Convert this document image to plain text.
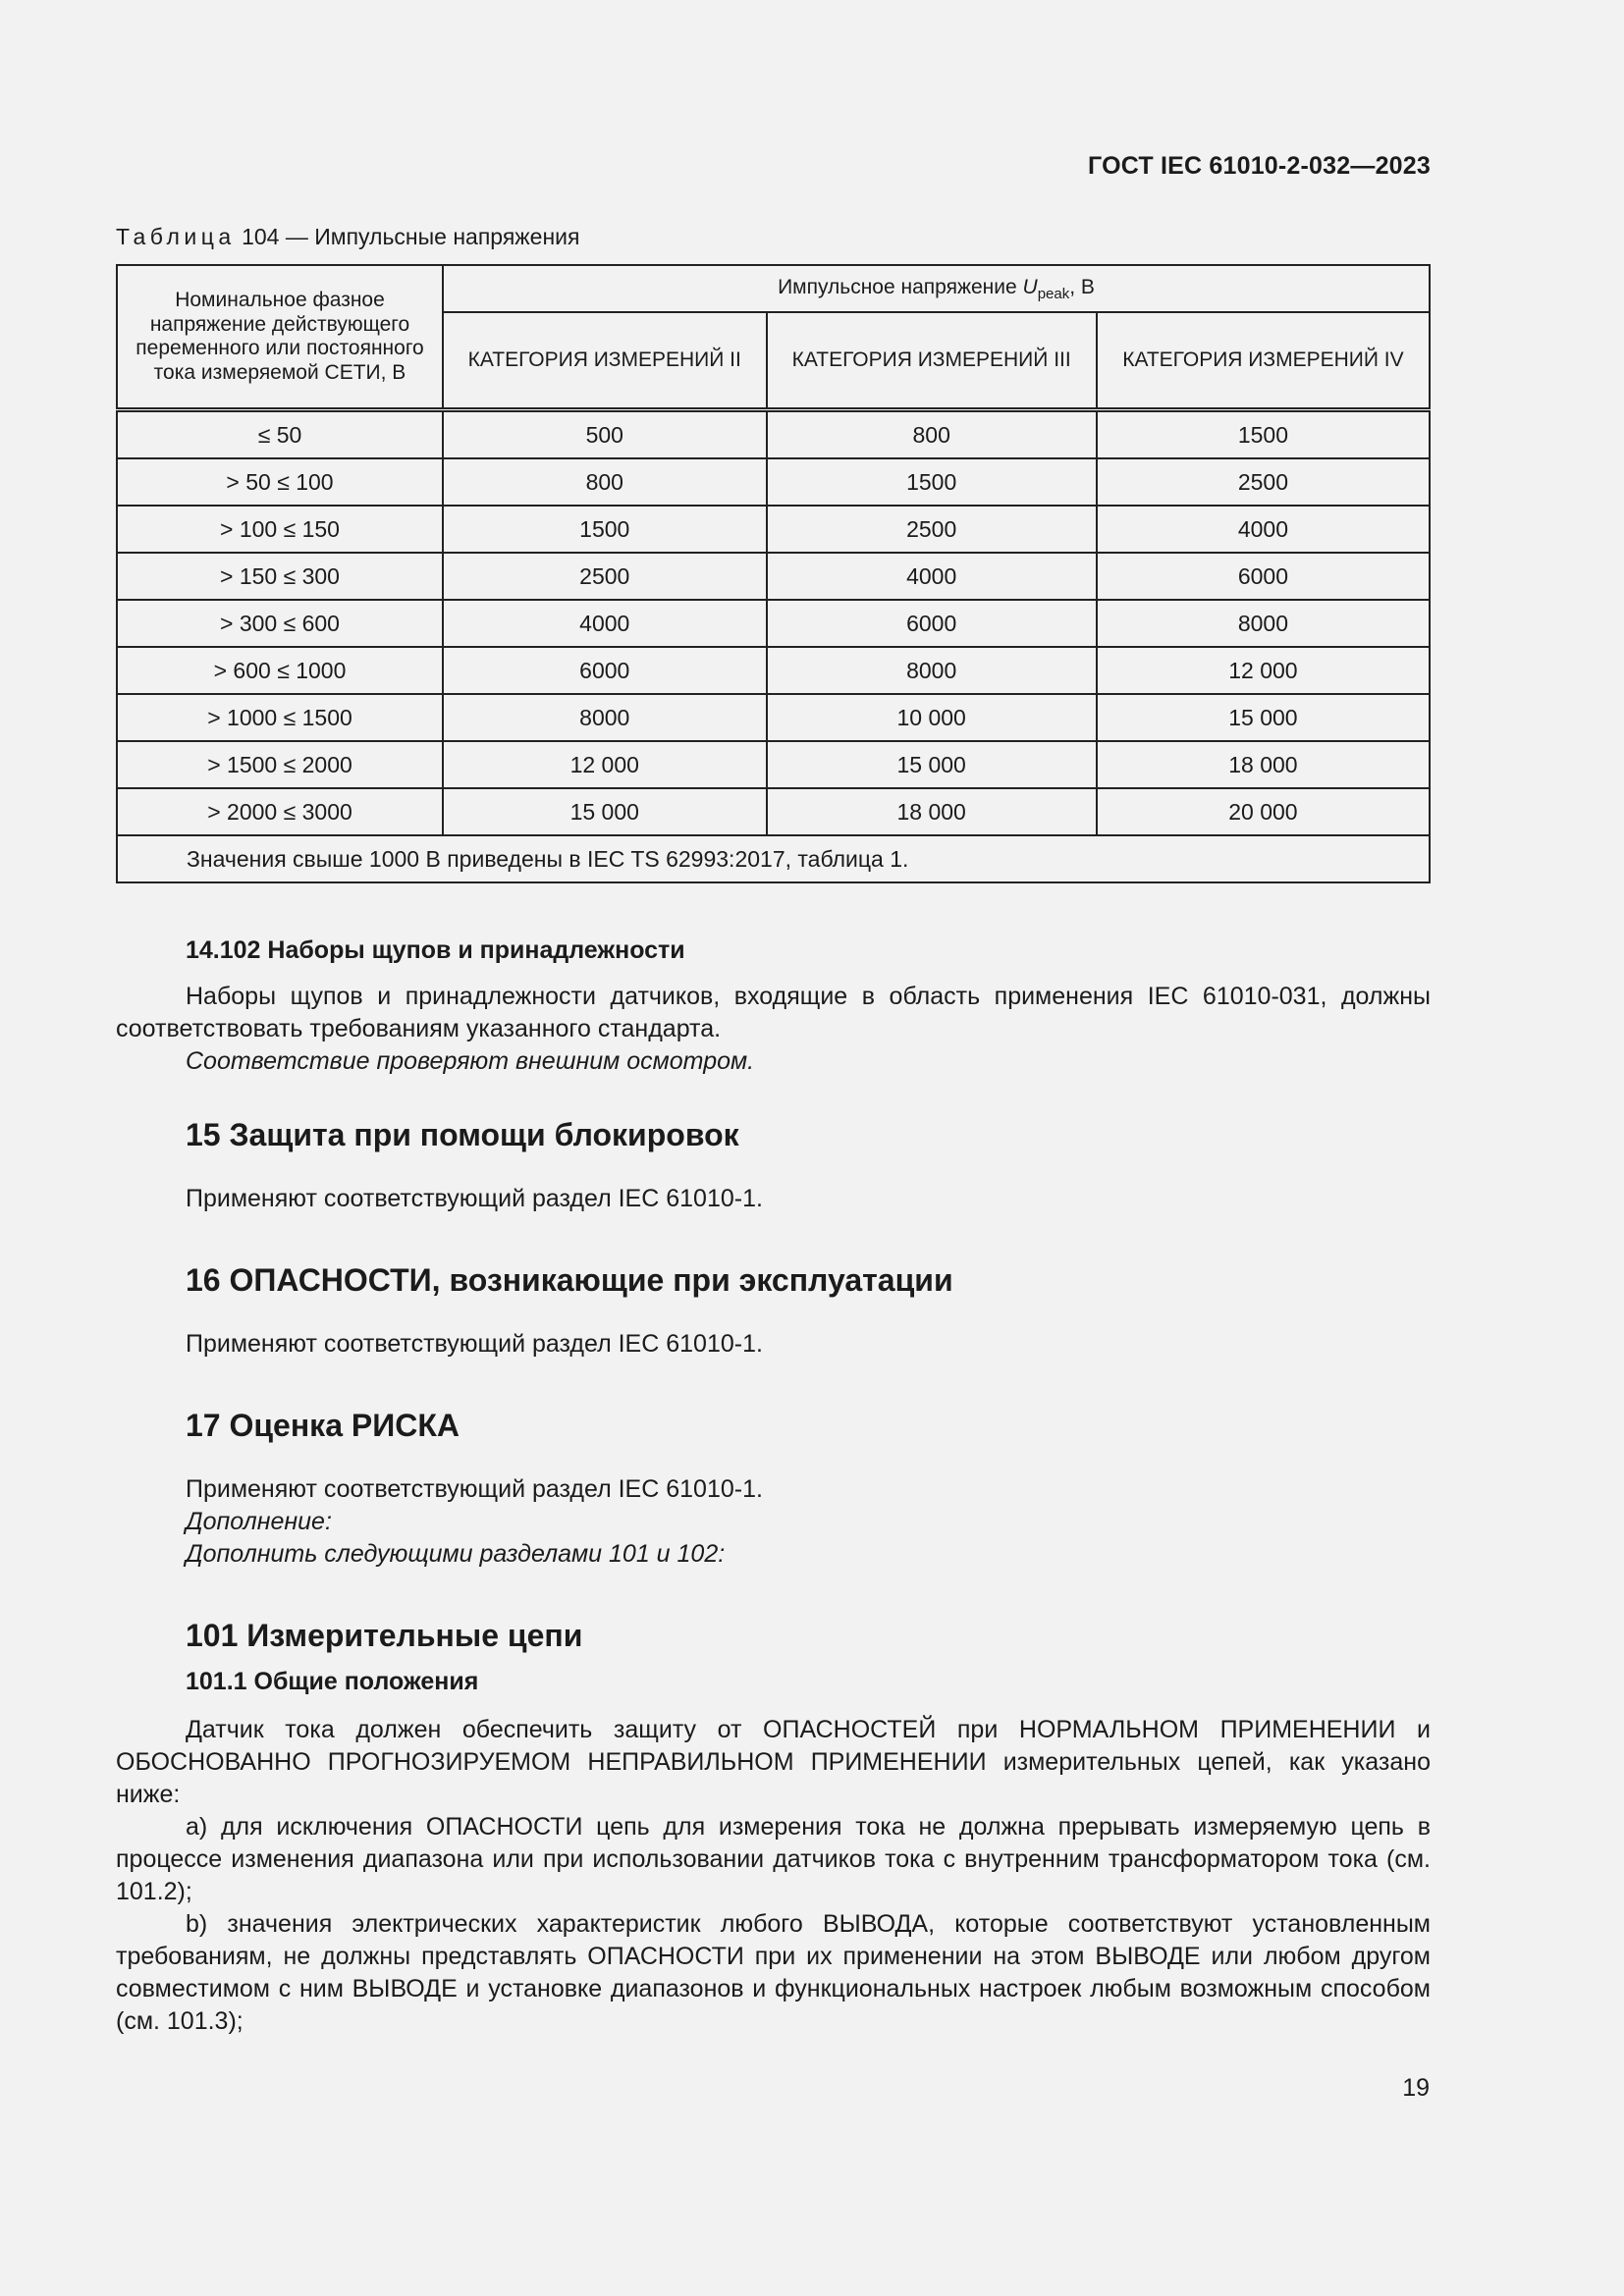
ГОСТ IEC 61010-2-032—2023
Таблица 104 — Импульсные напряжения
Номинальное фазное напряжение действующего переменного или постоянного тока измеряемой СЕТИ, В	Импульсное напряжение $U_{peak}$, В		
	КАТЕГОРИЯ ИЗМЕРЕНИЙ II	КАТЕГОРИЯ ИЗМЕРЕНИЙ III	КАТЕГОРИЯ ИЗМЕРЕНИЙ IV
≤ 50	500	800	1500
> 50 ≤ 100	800	1500	2500
> 100 ≤ 150	1500	2500	4000
> 150 ≤ 300	2500	4000	6000
> 300 ≤ 600	4000	6000	8000
> 600 ≤ 1000	6000	8000	12 000
> 1000 ≤ 1500	8000	10 000	15 000
> 1500 ≤ 2000	12 000	15 000	18 000
> 2000 ≤ 3000	15 000	18 000	20 000
Значения свыше 1000 В приведены в IEC TS 62993:2017, таблица 1.			
14.102 Наборы щупов и принадлежности

Наборы щупов и принадлежности датчиков, входящие в область применения IEC 61010-031, должны соответствовать требованиям указанного стандарта.

Соответствие проверяют внешним осмотром.

15 Защита при помощи блокировок

Применяют соответствующий раздел IEC 61010-1.

16 ОПАСНОСТИ, возникающие при эксплуатации

Применяют соответствующий раздел IEC 61010-1.

17 Оценка РИСКА

Применяют соответствующий раздел IEC 61010-1.

Дополнение:

Дополнить следующими разделами 101 и 102:

101 Измерительные цепи
101.1 Общие положения

Датчик тока должен обеспечить защиту от ОПАСНОСТЕЙ при НОРМАЛЬНОМ ПРИМЕНЕНИИ и ОБОСНОВАННО ПРОГНОЗИРУЕМОМ НЕПРАВИЛЬНОМ ПРИМЕНЕНИИ измерительных цепей, как указано ниже:

a) для исключения ОПАСНОСТИ цепь для измерения тока не должна прерывать измеряемую цепь в процессе изменения диапазона или при использовании датчиков тока с внутренним трансформатором тока (см. 101.2);

b) значения электрических характеристик любого ВЫВОДА, которые соответствуют установленным требованиям, не должны представлять ОПАСНОСТИ при их применении на этом ВЫВОДЕ или любом другом совместимом с ним ВЫВОДЕ и установке диапазонов и функциональных настроек любым возможным способом (см. 101.3);

19
